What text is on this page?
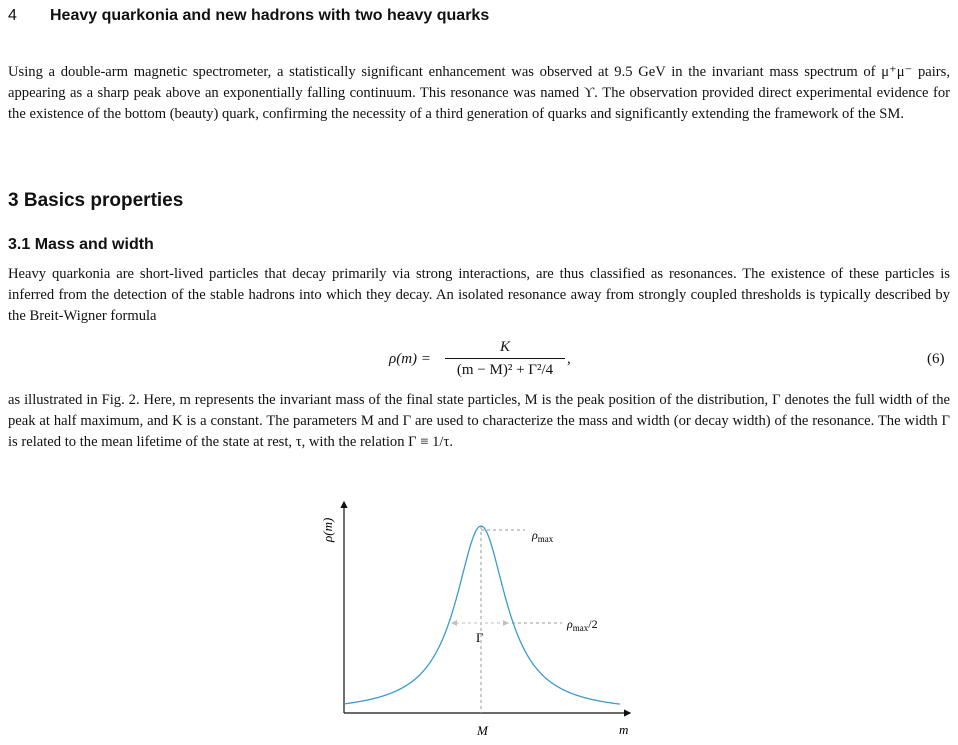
4	Heavy quarkonia and new hadrons with two heavy quarks

Using a double-arm magnetic spectrometer, a statistically significant enhancement was observed at 9.5 GeV in the invariant mass spectrum of μ⁺μ⁻ pairs, appearing as a sharp peak above an exponentially falling continuum. This resonance was named ϒ. The observation provided direct experimental evidence for the existence of the bottom (beauty) quark, confirming the necessity of a third generation of quarks and significantly extending the framework of the SM.

3 Basics properties
3.1 Mass and width

Heavy quarkonia are short-lived particles that decay primarily via strong interactions, are thus classified as resonances. The existence of these particles is inferred from the detection of the stable hadrons into which they decay. An isolated resonance away from strongly coupled thresholds is typically described by the Breit-Wigner formula

ρ(m) =
K
(m − M)² + Γ²/4
,	(6)

as illustrated in Fig. 2. Here, m represents the invariant mass of the final state particles, M is the peak position of the distribution, Γ denotes the full width of the peak at half maximum, and K is a constant. The parameters M and Γ are used to characterize the mass and width (or decay width) of the resonance. The width Γ is related to the mean lifetime of the state at rest, τ, with the relation Γ ≡ 1/τ.

ρ(m)
m
M
$\rho_{max}$
$\rho_{max}/2$
Γ
